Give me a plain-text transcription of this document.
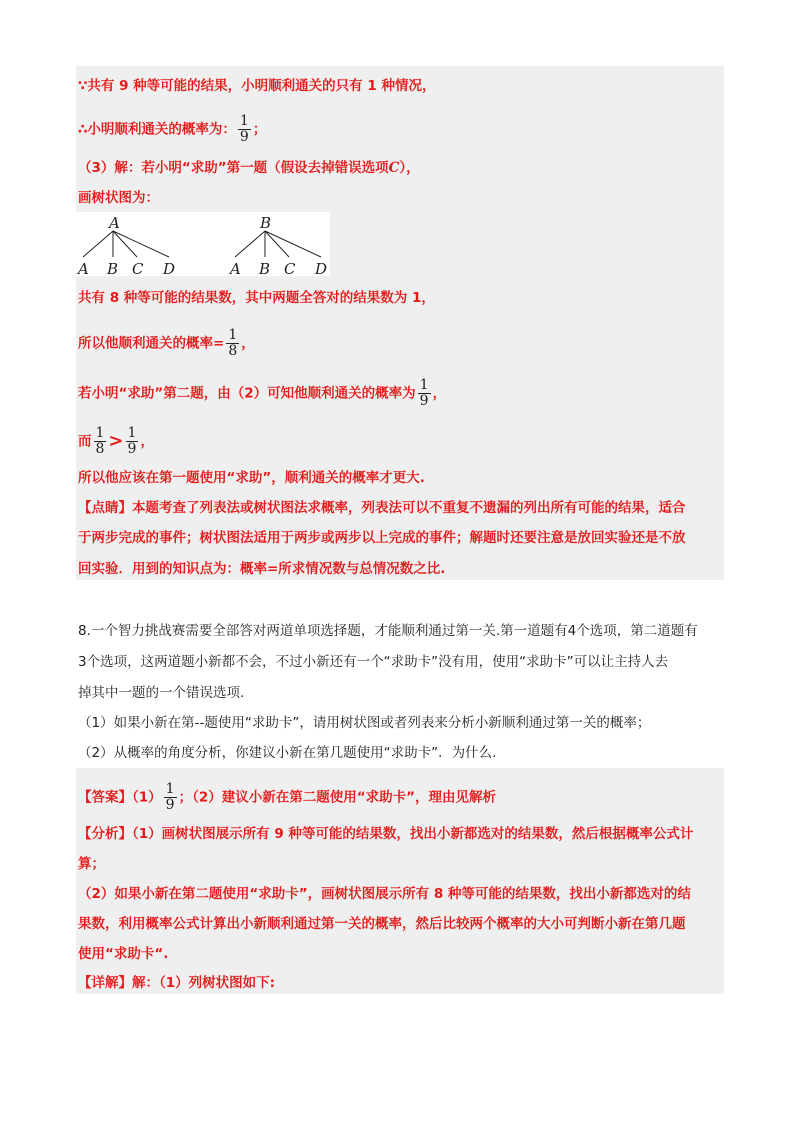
∵共有 9 种等可能的结果，小明顺利通关的只有 1 种情况，
∴小明顺利通关的概率为： $\frac{1}{9}$ ；
（3）解：若小明“求助”第一题（假设去掉错误选项C），
画树状图为：
A
A B C D
B
A B C D
共有 8 种等可能的结果数，其中两题全答对的结果数为 1，
所以他顺利通关的概率= $\frac{1}{8}$ ，
若小明“求助”第二题，由（2）可知他顺利通关的概率为 $\frac{1}{9}$ ，
而 $\frac{1}{8} > \frac{1}{9}$ ，
所以他应该在第一题使用“求助”，顺利通关的概率才更大.
【点睛】本题考查了列表法或树状图法求概率，列表法可以不重复不遗漏的列出所有可能的结果，适合
于两步完成的事件；树状图法适用于两步或两步以上完成的事件；解题时还要注意是放回实验还是不放
回实验．用到的知识点为：概率=所求情况数与总情况数之比.
8.一个智力挑战赛需要全部答对两道单项选择题，才能顺利通过第一关.第一道题有4个选项，第二道题有
3个选项，这两道题小新都不会，不过小新还有一个“求助卡”没有用，使用“求助卡”可以让主持人去
掉其中一题的一个错误选项.
（1）如果小新在第--题使用“求助卡”，请用树状图或者列表来分析小新顺利通过第一关的概率；
（2）从概率的角度分析，你建议小新在第几题使用“求助卡”．为什么.
【答案】$(1) \frac{1}{9}$ ；（2）建议小新在第二题使用“求助卡”，理由见解析
【分析】（1）画树状图展示所有 9 种等可能的结果数，找出小新都选对的结果数，然后根据概率公式计
算；
（2）如果小新在第二题使用“求助卡”，画树状图展示所有 8 种等可能的结果数，找出小新都选对的结
果数，利用概率公式计算出小新顺利通过第一关的概率，然后比较两个概率的大小可判断小新在第几题
使用“求助卡“.
【详解】解：（1）列树状图如下:
